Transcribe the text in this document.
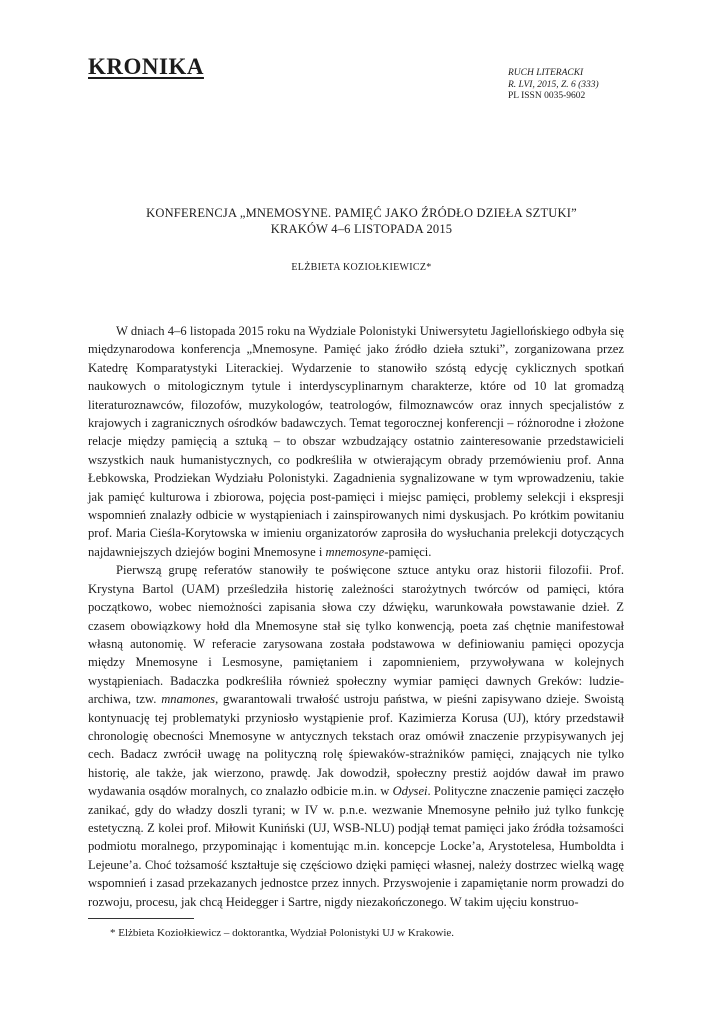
KRONIKA	RUCH LITERACKI
R. LVI, 2015, Z. 6 (333)
PL ISSN 0035-9602
KONFERENCJA „MNEMOSYNE. PAMIĘĆ JAKO ŹRÓDŁO DZIEŁA SZTUKI”
KRAKÓW 4–6 LISTOPADA 2015
ELŻBIETA KOZIOŁKIEWICZ*

W dniach 4–6 listopada 2015 roku na Wydziale Polonistyki Uniwersytetu Jagiellońskiego odbyła się międzynarodowa konferencja „Mnemosyne. Pamięć jako źródło dzieła sztuki”, zorganizowana przez Katedrę Komparatystyki Literackiej. Wydarzenie to stanowiło szóstą edycję cyklicznych spotkań naukowych o mitologicznym tytule i interdyscyplinarnym charakterze, które od 10 lat gromadzą literaturoznawców, filozofów, muzykologów, teatrologów, filmoznawców oraz innych specjalistów z krajowych i zagranicznych ośrodków badawczych. Temat tegorocznej konferencji – różnorodne i złożone relacje między pamięcią a sztuką – to obszar wzbudzający ostatnio zainteresowanie przedstawicieli wszystkich nauk humanistycznych, co podkreśliła w otwierającym obrady przemówieniu prof. Anna Łebkowska, Prodziekan Wydziału Polonistyki. Zagadnienia sygnalizowane w tym wprowadzeniu, takie jak pamięć kulturowa i zbiorowa, pojęcia post-pamięci i miejsc pamięci, problemy selekcji i ekspresji wspomnień znalazły odbicie w wystąpieniach i zainspirowanych nimi dyskusjach. Po krótkim powitaniu prof. Maria Cieśla-Korytowska w imieniu organizatorów zaprosiła do wysłuchania prelekcji dotyczących najdawniejszych dziejów bogini Mnemosyne i mnemosyne-pamięci.

Pierwszą grupę referatów stanowiły te poświęcone sztuce antyku oraz historii filozofii. Prof. Krystyna Bartol (UAM) prześledziła historię zależności starożytnych twórców od pamięci, która początkowo, wobec niemożności zapisania słowa czy dźwięku, warunkowała powstawanie dzieł. Z czasem obowiązkowy hołd dla Mnemosyne stał się tylko konwencją, poeta zaś chętnie manifestował własną autonomię. W referacie zarysowana została podstawowa w definiowaniu pamięci opozycja między Mnemosyne i Lesmosyne, pamiętaniem i zapomnieniem, przywoływana w kolejnych wystąpieniach. Badaczka podkreśliła również społeczny wymiar pamięci dawnych Greków: ludzie-archiwa, tzw. mnamones, gwarantowali trwałość ustroju państwa, w pieśni zapisywano dzieje. Swoistą kontynuację tej problematyki przyniosło wystąpienie prof. Kazimierza Korusa (UJ), który przedstawił chronologię obecności Mnemosyne w antycznych tekstach oraz omówił znaczenie przypisywanych jej cech. Badacz zwrócił uwagę na polityczną rolę śpiewaków-strażników pamięci, znających nie tylko historię, ale także, jak wierzono, prawdę. Jak dowodził, społeczny prestiż aojdów dawał im prawo wydawania osądów moralnych, co znalazło odbicie m.in. w Odysei. Polityczne znaczenie pamięci zaczęło zanikać, gdy do władzy doszli tyrani; w IV w. p.n.e. wezwanie Mnemosyne pełniło już tylko funkcję estetyczną. Z kolei prof. Miłowit Kuniński (UJ, WSB-NLU) podjął temat pamięci jako źródła tożsamości podmiotu moralnego, przypominając i komentując m.in. koncepcje Locke’a, Arystotelesa, Humboldta i Lejeune’a. Choć tożsamość kształtuje się częściowo dzięki pamięci własnej, należy dostrzec wielką wagę wspomnień i zasad przekazanych jednostce przez innych. Przyswojenie i zapamiętanie norm prowadzi do rozwoju, procesu, jak chcą Heidegger i Sartre, nigdy niezakończonego. W takim ujęciu konstruo-

* Elżbieta Koziołkiewicz – doktorantka, Wydział Polonistyki UJ w Krakowie.
